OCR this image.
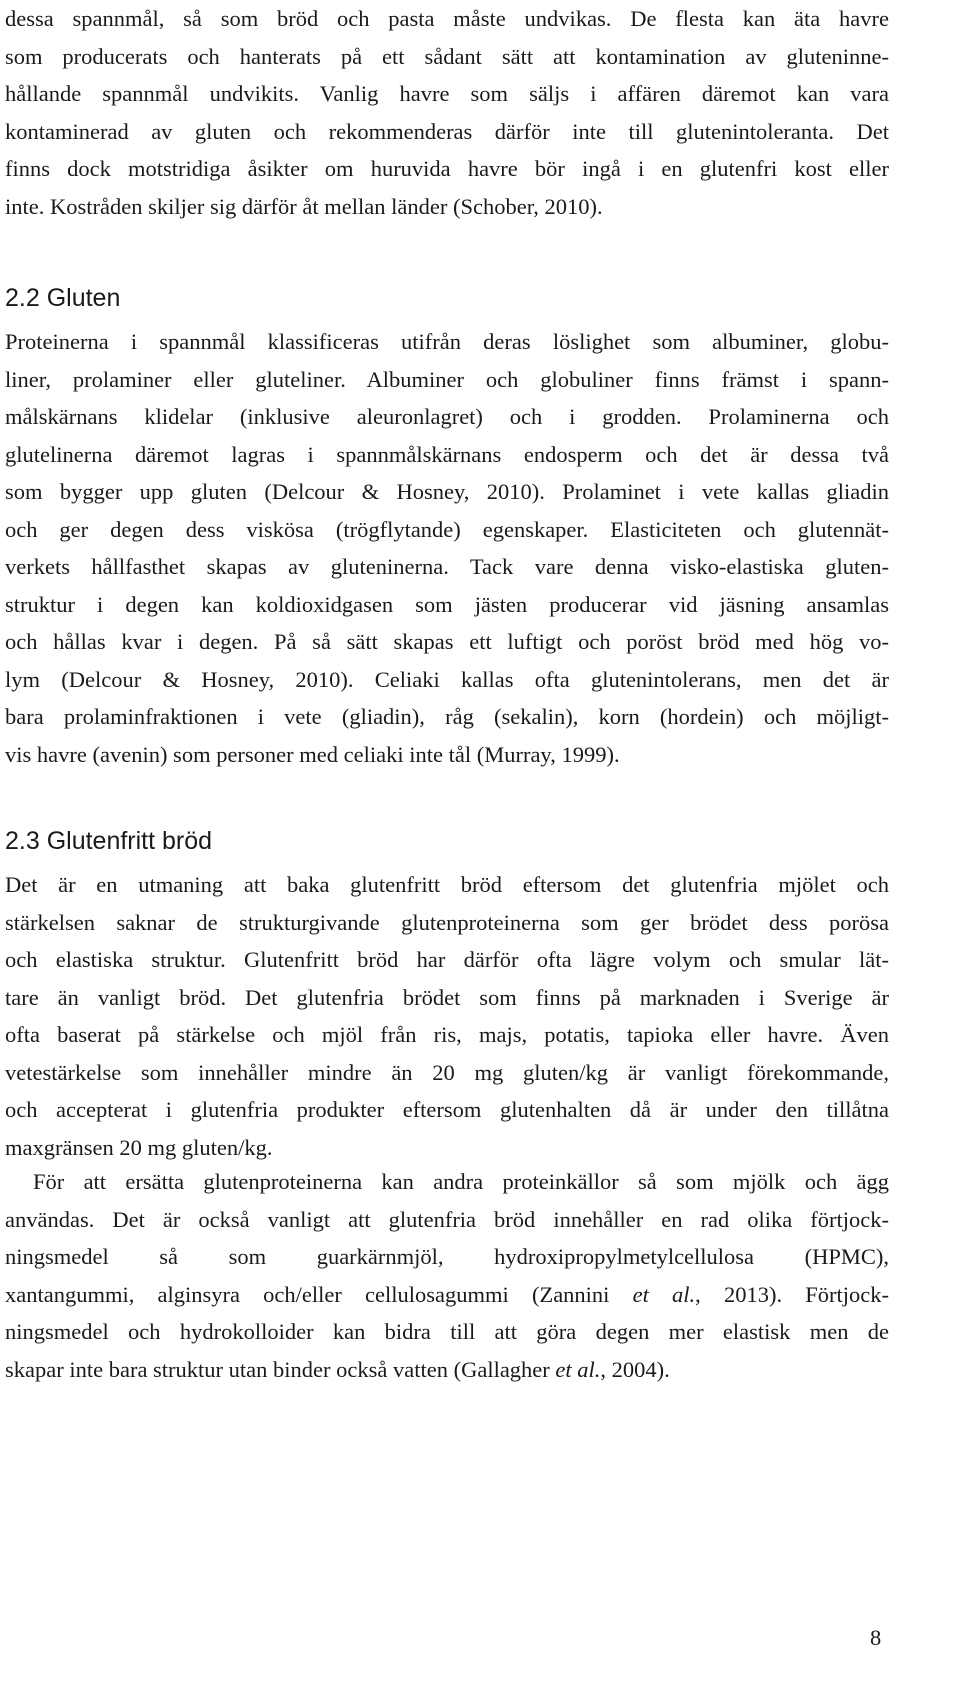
dessa spannmål, så som bröd och pasta måste undvikas. De flesta kan äta havre
som producerats och hanterats på ett sådant sätt att kontamination av gluteninne-
hållande spannmål undvikits. Vanlig havre som säljs i affären däremot kan vara
kontaminerad av gluten och rekommenderas därför inte till glutenintoleranta. Det
finns dock motstridiga åsikter om huruvida havre bör ingå i en glutenfri kost eller
inte. Kostråden skiljer sig därför åt mellan länder (Schober, 2010).

2.2 Gluten

Proteinerna i spannmål klassificeras utifrån deras löslighet som albuminer, globu-
liner, prolaminer eller gluteliner. Albuminer och globuliner finns främst i spann-
målskärnans klidelar (inklusive aleuronlagret) och i grodden. Prolaminerna och
glutelinerna däremot lagras i spannmålskärnans endosperm och det är dessa två
som bygger upp gluten (Delcour & Hosney, 2010). Prolaminet i vete kallas gliadin
och ger degen dess viskösa (trögflytande) egenskaper. Elasticiteten och glutennät-
verkets hållfasthet skapas av gluteninerna. Tack vare denna visko-elastiska gluten-
struktur i degen kan koldioxidgasen som jästen producerar vid jäsning ansamlas
och hållas kvar i degen. På så sätt skapas ett luftigt och poröst bröd med hög vo-
lym (Delcour & Hosney, 2010). Celiaki kallas ofta glutenintolerans, men det är
bara prolaminfraktionen i vete (gliadin), råg (sekalin), korn (hordein) och möjligt-
vis havre (avenin) som personer med celiaki inte tål (Murray, 1999).

2.3 Glutenfritt bröd

Det är en utmaning att baka glutenfritt bröd eftersom det glutenfria mjölet och
stärkelsen saknar de strukturgivande glutenproteinerna som ger brödet dess porösa
och elastiska struktur. Glutenfritt bröd har därför ofta lägre volym och smular lät-
tare än vanligt bröd. Det glutenfria brödet som finns på marknaden i Sverige är
ofta baserat på stärkelse och mjöl från ris, majs, potatis, tapioka eller havre. Även
vetestärkelse som innehåller mindre än 20 mg gluten/kg är vanligt förekommande,
och accepterat i glutenfria produkter eftersom glutenhalten då är under den tillåtna
maxgränsen 20 mg gluten/kg.

För att ersätta glutenproteinerna kan andra proteinkällor så som mjölk och ägg
användas. Det är också vanligt att glutenfria bröd innehåller en rad olika förtjock-
ningsmedel så som guarkärnmjöl, hydroxipropylmetylcellulosa (HPMC),
xantangummi, alginsyra och/eller cellulosagummi (Zannini et al., 2013). Förtjock-
ningsmedel och hydrokolloider kan bidra till att göra degen mer elastisk men de
skapar inte bara struktur utan binder också vatten (Gallagher et al., 2004).

8
